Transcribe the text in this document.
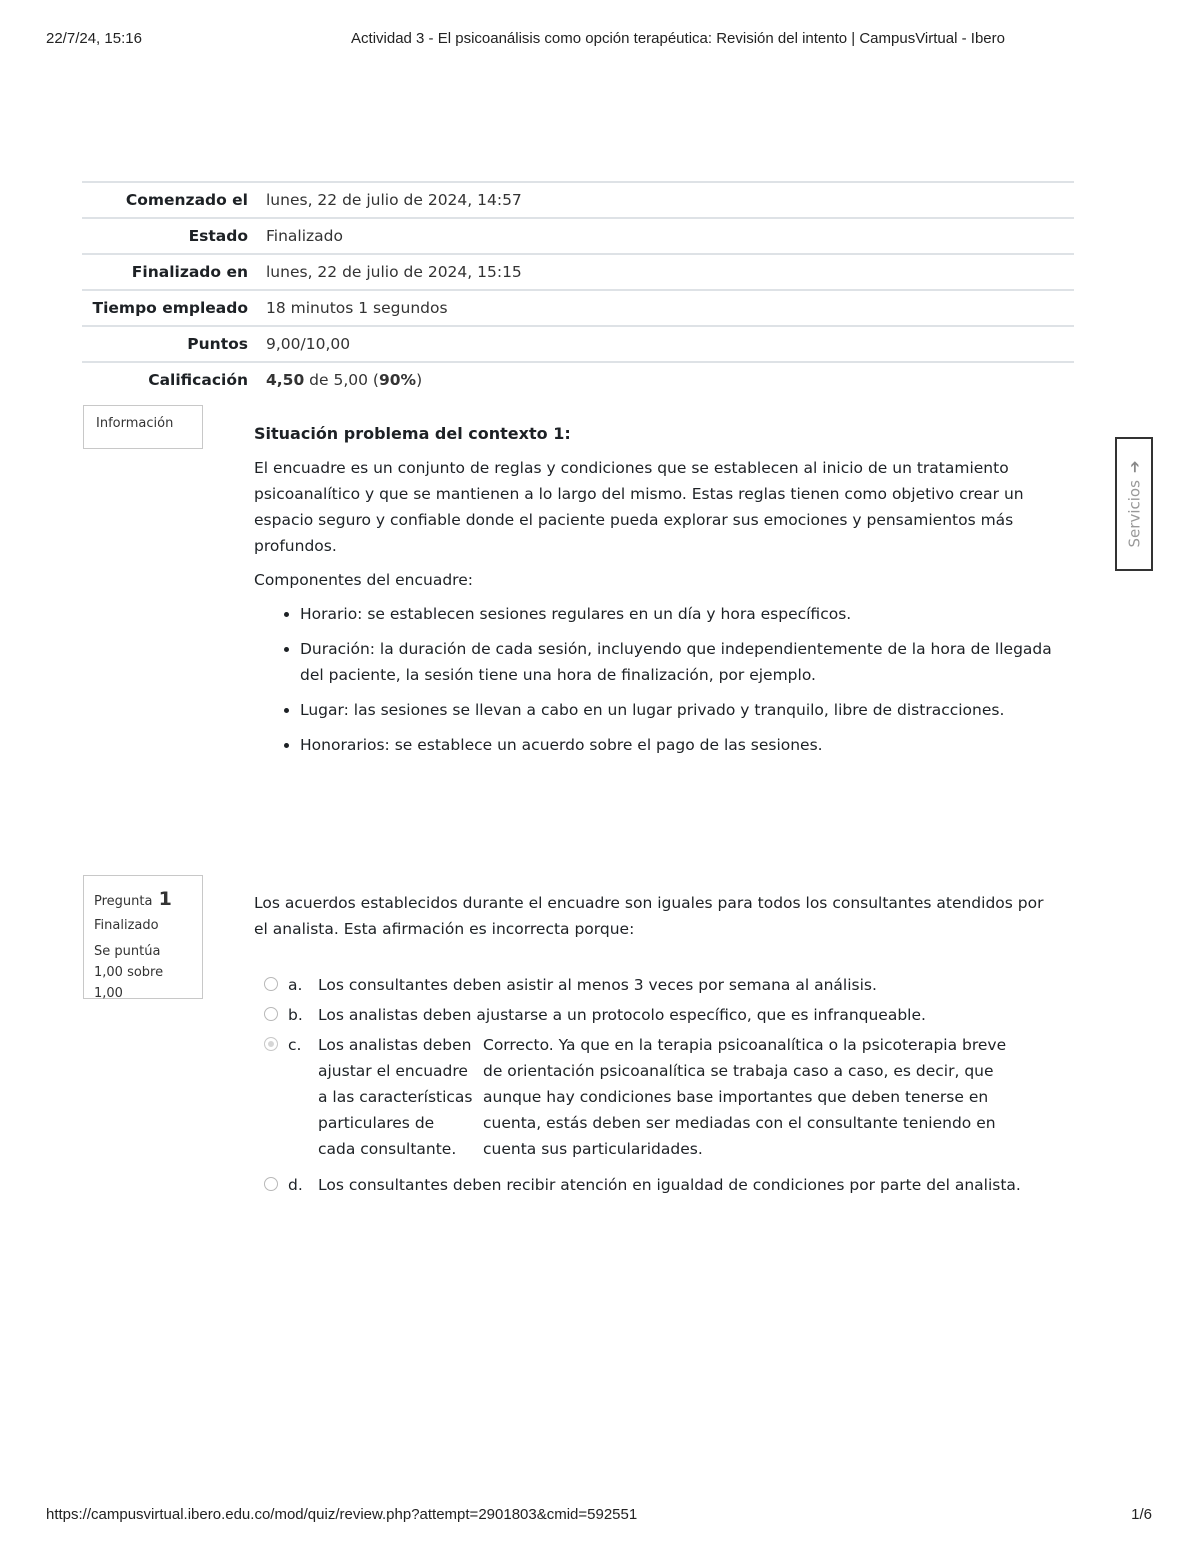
22/7/24, 15:16	Actividad 3 - El psicoanálisis como opción terapéutica: Revisión del intento | CampusVirtual - Ibero
Comenzado el	lunes, 22 de julio de 2024, 14:57
Estado	Finalizado
Finalizado en	lunes, 22 de julio de 2024, 15:15
Tiempo empleado	18 minutos 1 segundos
Puntos	9,00/10,00
Calificación	4,50 de 5,00 (90%)
Información
Situación problema del contexto 1:

El encuadre es un conjunto de reglas y condiciones que se establecen al inicio de un tratamiento psicoanalítico y que se mantienen a lo largo del mismo. Estas reglas tienen como objetivo crear un espacio seguro y confiable donde el paciente pueda explorar sus emociones y pensamientos más profundos.

Componentes del encuadre:

• Horario: se establecen sesiones regulares en un día y hora específicos.
• Duración: la duración de cada sesión, incluyendo que independientemente de la hora de llegada del paciente, la sesión tiene una hora de finalización, por ejemplo.
• Lugar: las sesiones se llevan a cabo en un lugar privado y tranquilo, libre de distracciones.
• Honorarios: se establece un acuerdo sobre el pago de las sesiones.
Pregunta 1
Finalizado
Se puntúa 1,00 sobre 1,00
Los acuerdos establecidos durante el encuadre son iguales para todos los consultantes atendidos por el analista. Esta afirmación es incorrecta porque:
a.	Los consultantes deben asistir al menos 3 veces por semana al análisis.
b. Los analistas deben ajustarse a un protocolo específico, que es infranqueable.
c.	Los analistas deben ajustar el encuadre a las características particulares de cada consultante.
Correcto. Ya que en la terapia psicoanalítica o la psicoterapia breve de orientación psicoanalítica se trabaja caso a caso, es decir, que aunque hay condiciones base importantes que deben tenerse en cuenta, estás deben ser mediadas con el consultante teniendo en cuenta sus particularidades.
d. Los consultantes deben recibir atención en igualdad de condiciones por parte del analista.
Servicios
➔
https://campusvirtual.ibero.edu.co/mod/quiz/review.php?attempt=2901803&cmid=592551	1/6
